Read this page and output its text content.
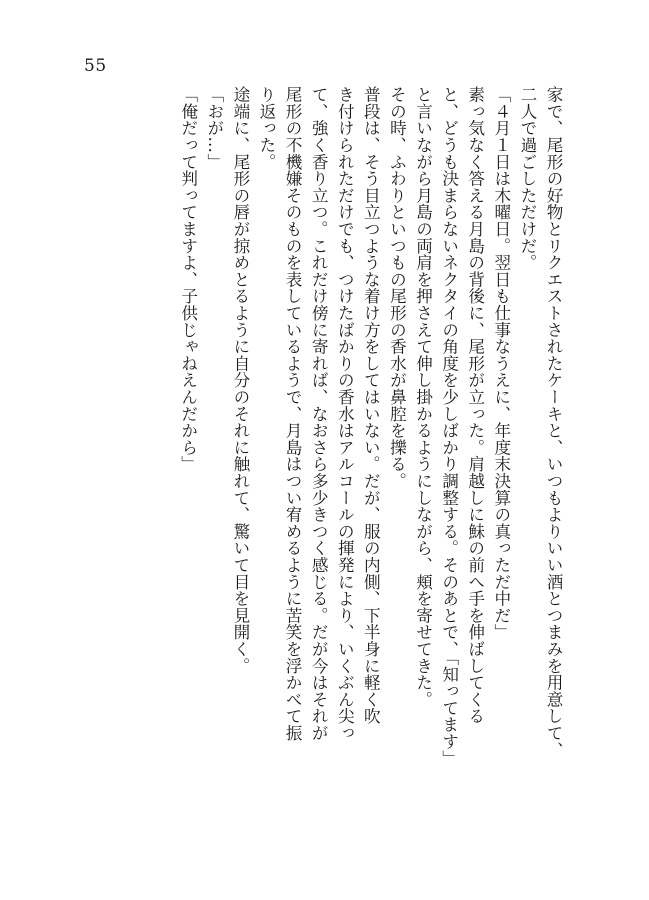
55
家で、尾形の好物とリクエストされたケーキと、いつもよりいい酒とつまみを用意して、
二人で過ごしただけだ。
「４月１日は木曜日。翌日も仕事なうえに、年度末決算の真っただ中だ」
素っ気なく答える月島の背後に、尾形が立った。肩越しに鮇の前へ手を伸ばしてくる
と、どうも決まらないネクタイの角度を少しばかり調整する。そのあとで、「知ってます」
と言いながら月島の両肩を押さえて伸し掛かるようにしながら、頬を寄せてきた。
その時、ふわりといつもの尾形の香水が鼻腔を擽る。
普段は、そう目立つような着け方をしてはいない。だが、服の内側、下半身に軽く吹
き付けられただけでも、つけたばかりの香水はアルコールの揮発により、いくぶん尖っ
て、強く香り立つ。これだけ傍に寄れば、なおさら多少きつく感じる。だが今はそれが
尾形の不機嫌そのものを表しているようで、月島はつい宥めるように苦笑を浮かべて振
り返った。
途端に、尾形の唇が掠めとるように自分のそれに触れて、驚いて目を見開く。
「おが…」
「俺だって判ってますよ、子供じゃねえんだから」
